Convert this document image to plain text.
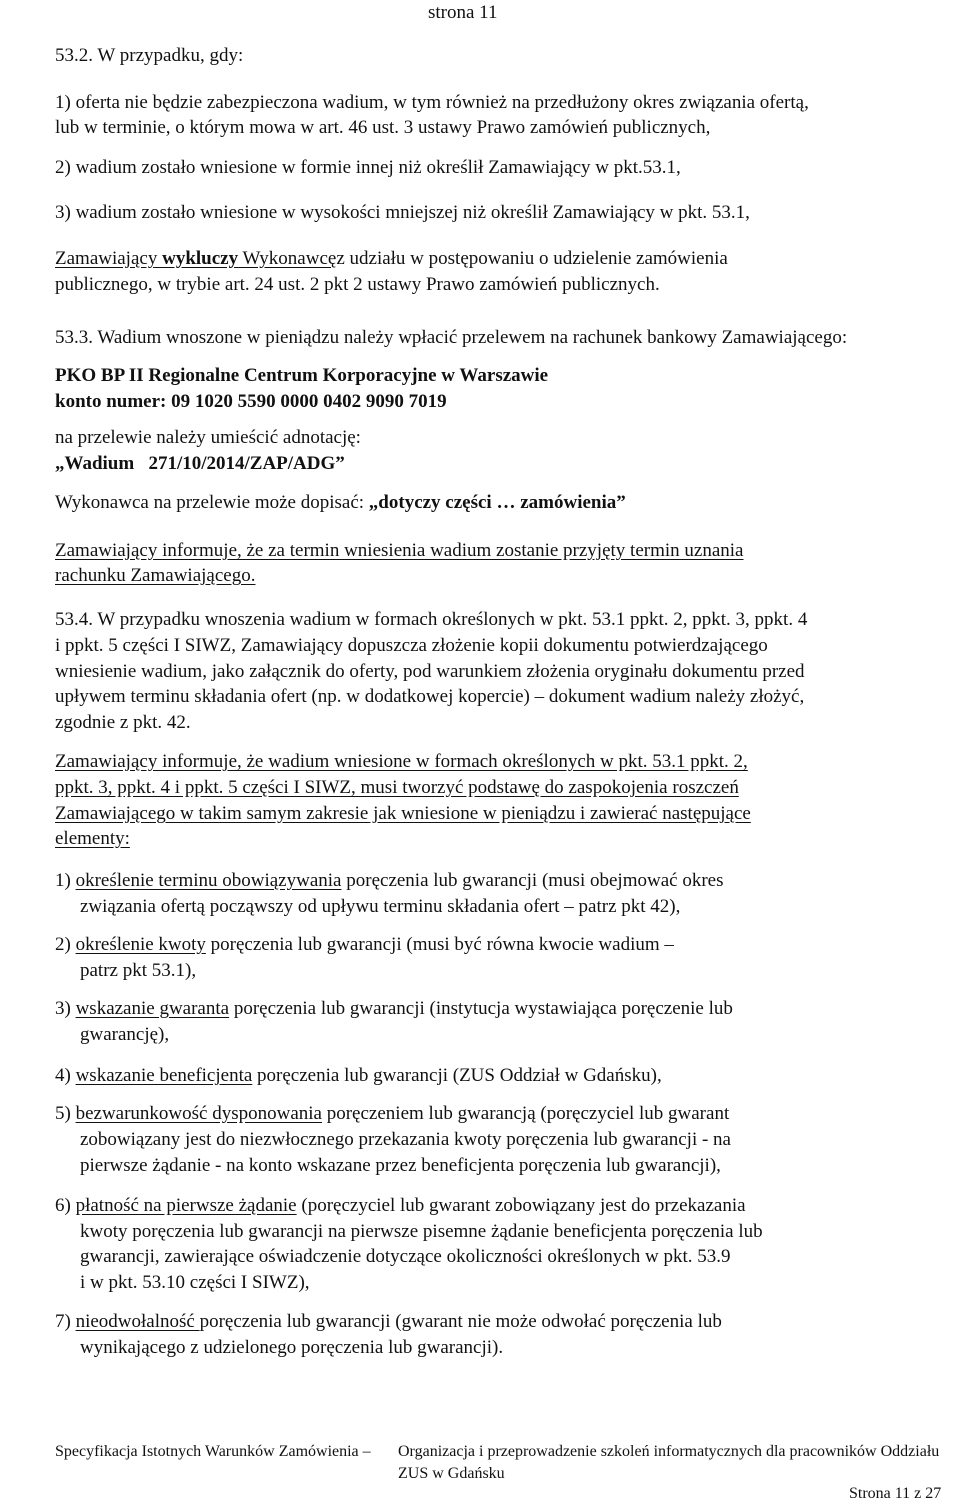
strona 11
53.2. W przypadku, gdy:
1) oferta nie będzie zabezpieczona wadium, w tym również na przedłużony okres związania ofertą,
lub w terminie, o którym mowa w art. 46 ust. 3 ustawy Prawo zamówień publicznych,
2) wadium zostało wniesione w formie innej niż określił Zamawiający w pkt.53.1,
3) wadium zostało wniesione w wysokości mniejszej niż określił Zamawiający w pkt. 53.1,
Zamawiający wykluczy Wykonawcęz udziału w postępowaniu o udzielenie zamówienia
publicznego, w trybie art. 24 ust. 2 pkt 2 ustawy Prawo zamówień publicznych.
53.3. Wadium wnoszone w pieniądzu należy wpłacić przelewem na rachunek bankowy Zamawiającego:
PKO BP II Regionalne Centrum Korporacyjne w Warszawie
konto numer: 09 1020 5590 0000 0402 9090 7019
na przelewie należy umieścić adnotację:
„Wadium   271/10/2014/ZAP/ADG”
Wykonawca na przelewie może dopisać: „dotyczy części … zamówienia”
Zamawiający informuje, że za termin wniesienia wadium zostanie przyjęty termin uznania
rachunku Zamawiającego.
53.4. W przypadku wnoszenia wadium w formach określonych w pkt. 53.1 ppkt. 2, ppkt. 3, ppkt. 4
i ppkt. 5 części I SIWZ, Zamawiający dopuszcza złożenie kopii dokumentu potwierdzającego
wniesienie wadium, jako załącznik do oferty, pod warunkiem złożenia oryginału dokumentu przed
upływem terminu składania ofert (np. w dodatkowej kopercie) – dokument wadium należy złożyć,
zgodnie z pkt. 42.
Zamawiający informuje, że wadium wniesione w formach określonych w pkt. 53.1 ppkt. 2,
ppkt. 3, ppkt. 4 i ppkt. 5 części I SIWZ, musi tworzyć podstawę do zaspokojenia roszczeń
Zamawiającego w takim samym zakresie jak wniesione w pieniądzu i zawierać następujące
elementy:
1) określenie terminu obowiązywania poręczenia lub gwarancji (musi obejmować okres
związania ofertą począwszy od upływu terminu składania ofert – patrz pkt 42),
2) określenie kwoty poręczenia lub gwarancji (musi być równa kwocie wadium –
patrz pkt 53.1),
3) wskazanie gwaranta poręczenia lub gwarancji (instytucja wystawiająca poręczenie lub
gwarancję),
4) wskazanie beneficjenta poręczenia lub gwarancji (ZUS Oddział w Gdańsku),
5) bezwarunkowość dysponowania poręczeniem lub gwarancją (poręczyciel lub gwarant
zobowiązany jest do niezwłocznego przekazania kwoty poręczenia lub gwarancji - na
pierwsze żądanie - na konto wskazane przez beneficjenta poręczenia lub gwarancji),
6) płatność na pierwsze żądanie (poręczyciel lub gwarant zobowiązany jest do przekazania
kwoty poręczenia lub gwarancji na pierwsze pisemne żądanie beneficjenta poręczenia lub
gwarancji, zawierające oświadczenie dotyczące okoliczności określonych w pkt. 53.9
i w pkt. 53.10 części I SIWZ),
7) nieodwołalność poręczenia lub gwarancji (gwarant nie może odwołać poręczenia lub
wynikającego z udzielonego poręczenia lub gwarancji).
Specyfikacja Istotnych Warunków Zamówienia – Organizacja i przeprowadzenie szkoleń informatycznych dla pracowników Oddziału
ZUS w Gdańsku
Strona 11 z 27
